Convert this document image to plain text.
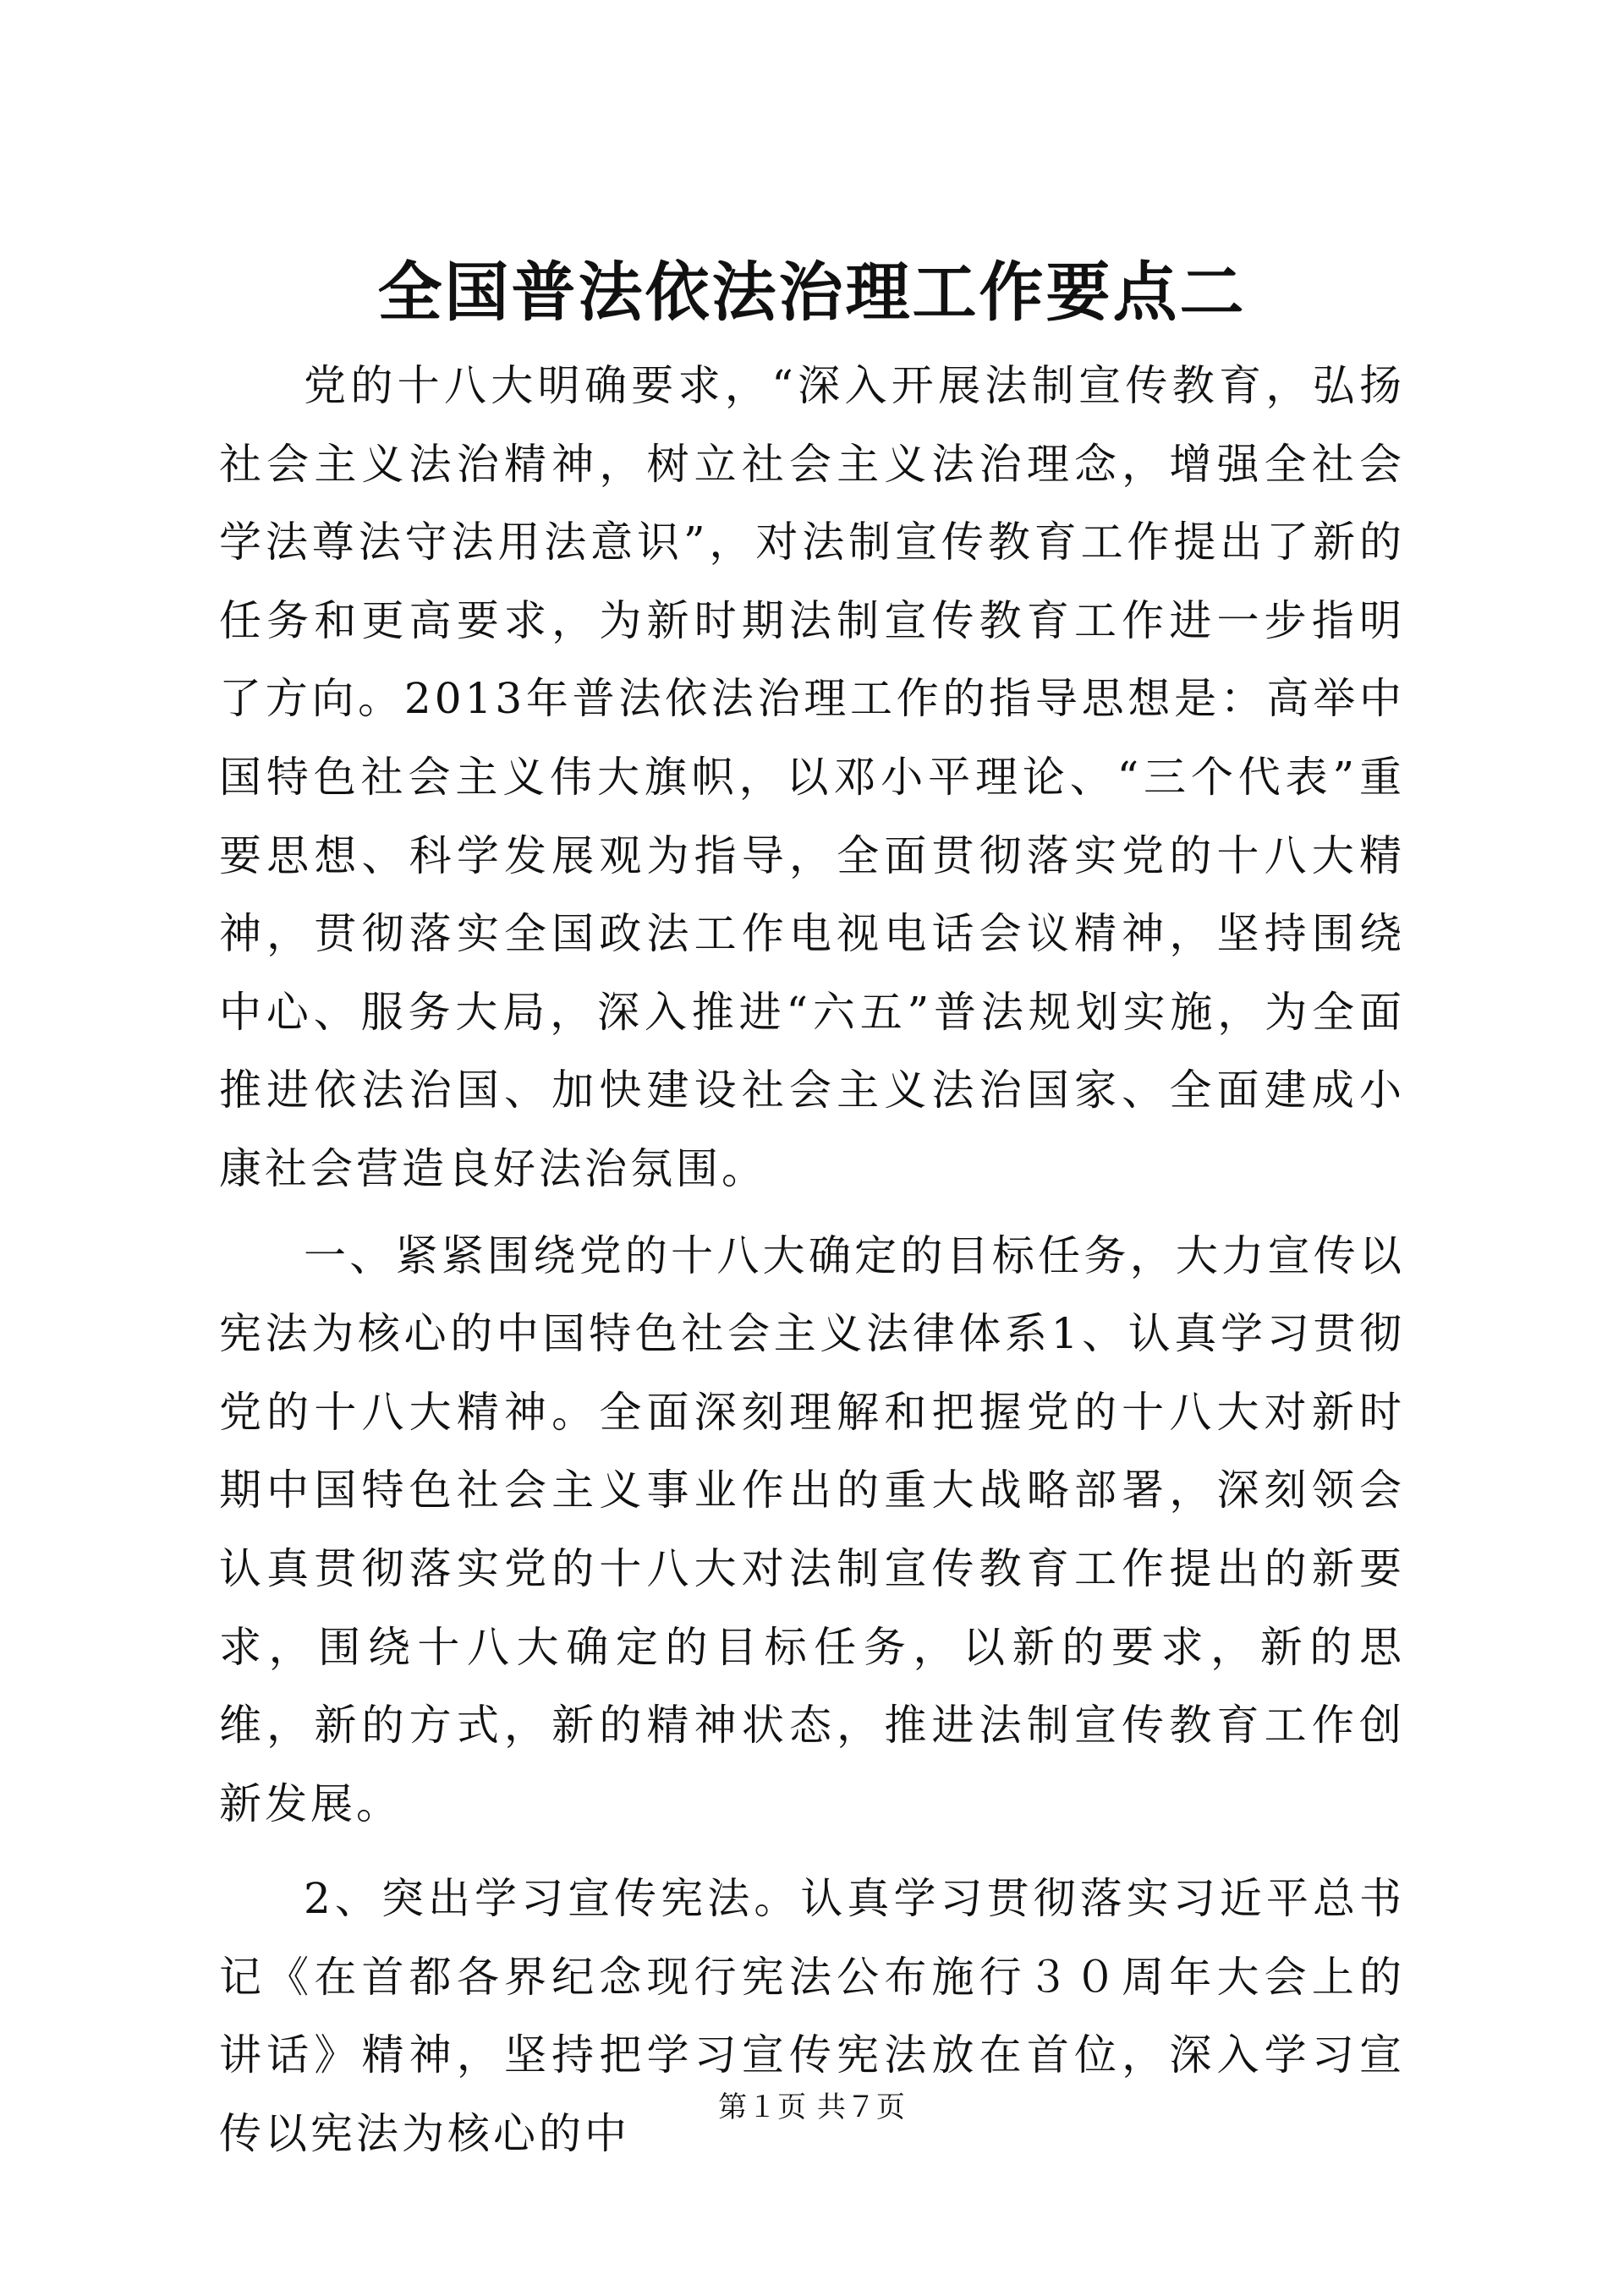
全国普法依法治理工作要点二

党的十八大明确要求，“深入开展法制宣传教育，弘扬社会主义法治精神，树立社会主义法治理念，增强全社会学法尊法守法用法意识”，对法制宣传教育工作提出了新的任务和更高要求，为新时期法制宣传教育工作进一步指明了方向。2013年普法依法治理工作的指导思想是：高举中国特色社会主义伟大旗帜，以邓小平理论、“三个代表”重要思想、科学发展观为指导，全面贯彻落实党的十八大精神，贯彻落实全国政法工作电视电话会议精神，坚持围绕中心、服务大局，深入推进“六五”普法规划实施，为全面推进依法治国、加快建设社会主义法治国家、全面建成小康社会营造良好法治氛围。

一、紧紧围绕党的十八大确定的目标任务，大力宣传以宪法为核心的中国特色社会主义法律体系1、认真学习贯彻党的十八大精神。全面深刻理解和把握党的十八大对新时期中国特色社会主义事业作出的重大战略部署，深刻领会认真贯彻落实党的十八大对法制宣传教育工作提出的新要求，围绕十八大确定的目标任务，以新的要求，新的思维，新的方式，新的精神状态，推进法制宣传教育工作创新发展。

2、突出学习宣传宪法。认真学习贯彻落实习近平总书记《在首都各界纪念现行宪法公布施行３０周年大会上的讲话》精神，坚持把学习宣传宪法放在首位，深入学习宣传以宪法为核心的中

第１页 共７页
